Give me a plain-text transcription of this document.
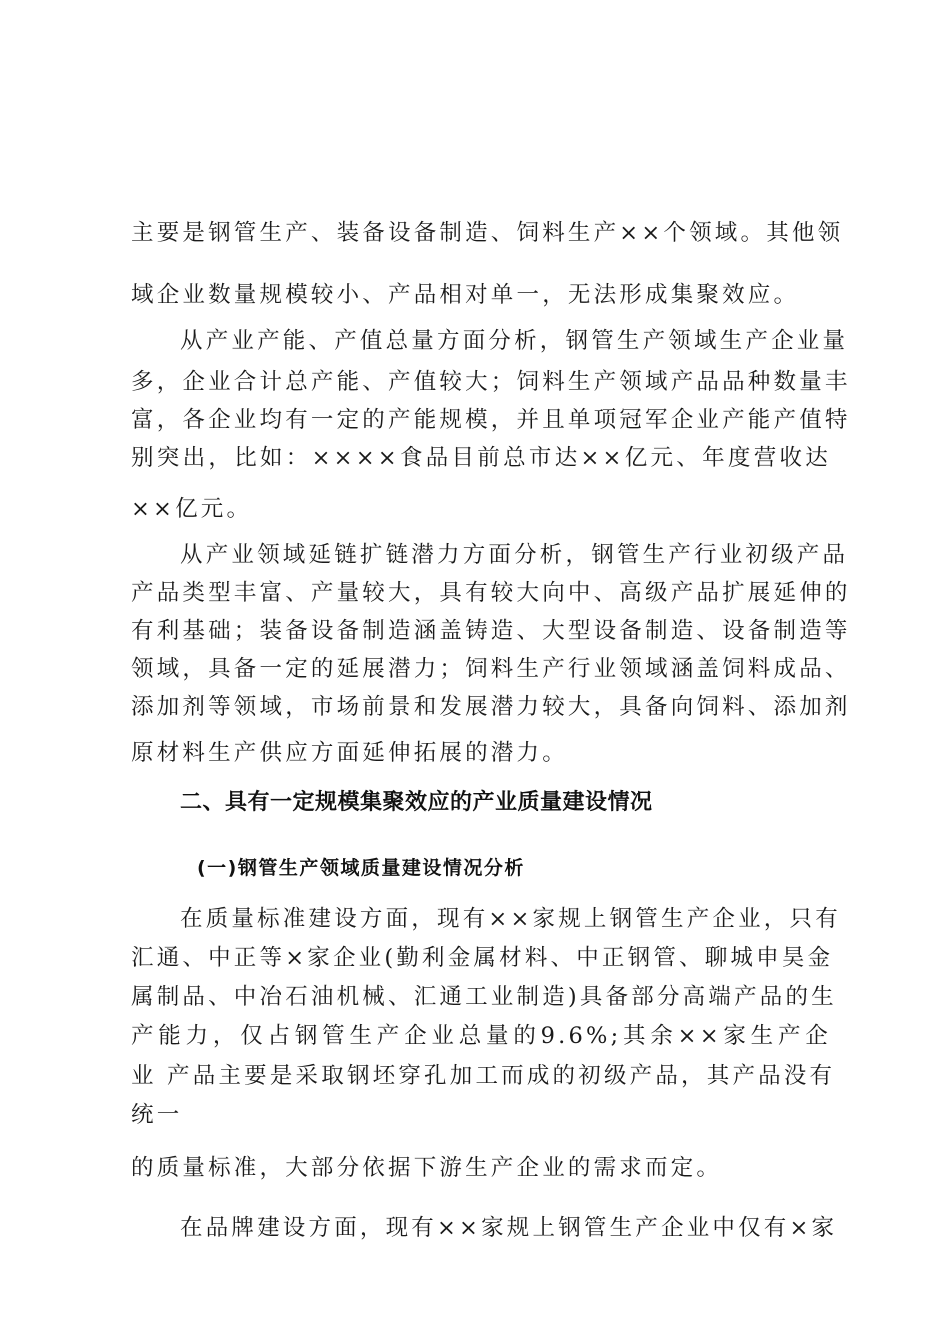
主要是钢管生产、装备设备制造、饲料生产××个领域。其他领
域企业数量规模较小、产品相对单一，无法形成集聚效应。
从产业产能、产值总量方面分析，钢管生产领域生产企业量
多，企业合计总产能、产值较大；饲料生产领域产品品种数量丰
富，各企业均有一定的产能规模，并且单项冠军企业产能产值特
别突出，比如：××××食品目前总市达××亿元、年度营收达
××亿元。
从产业领域延链扩链潜力方面分析，钢管生产行业初级产品
产品类型丰富、产量较大，具有较大向中、高级产品扩展延伸的
有利基础；装备设备制造涵盖铸造、大型设备制造、设备制造等
领域，具备一定的延展潜力；饲料生产行业领域涵盖饲料成品、
添加剂等领域，市场前景和发展潜力较大，具备向饲料、添加剂
原材料生产供应方面延伸拓展的潜力。
二、具有一定规模集聚效应的产业质量建设情况
(一)钢管生产领域质量建设情况分析
在质量标准建设方面，现有××家规上钢管生产企业，只有
汇通、中正等×家企业(勤利金属材料、中正钢管、聊城申昊金
属制品、中冶石油机械、汇通工业制造)具备部分高端产品的生
产能力，仅占钢管生产企业总量的9.6%;其余××家生产企
业 产品主要是采取钢坯穿孔加工而成的初级产品，其产品没有
统一
的质量标准，大部分依据下游生产企业的需求而定。
在品牌建设方面，现有××家规上钢管生产企业中仅有×家
